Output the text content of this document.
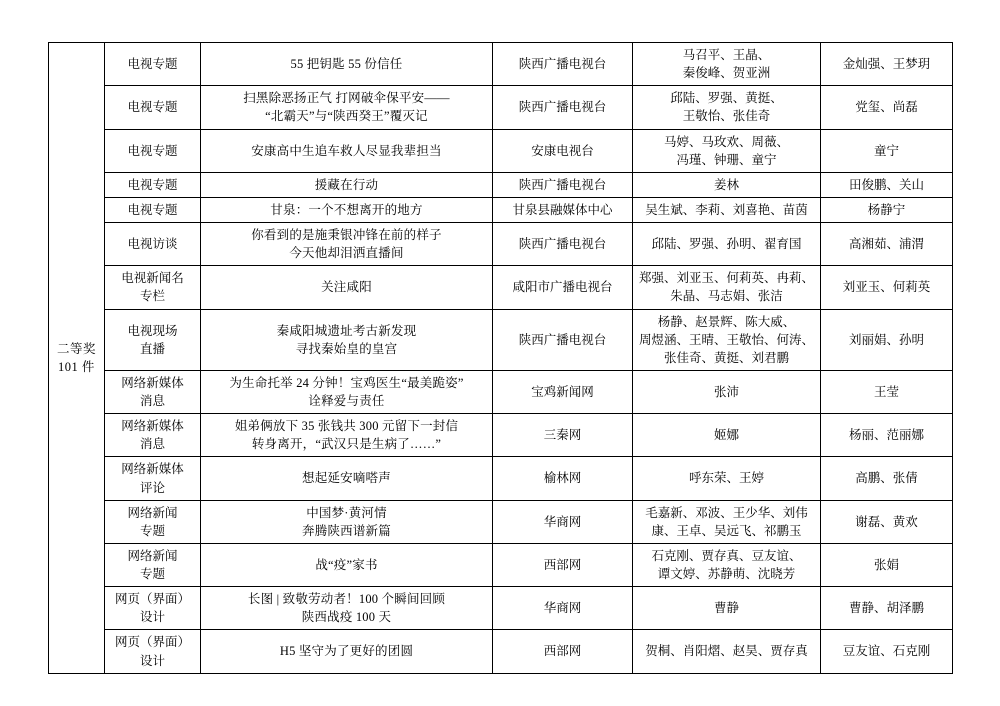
二等奖
101 件	电视专题	55 把钥匙 55 份信任	陕西广播电视台	马召平、王晶、
秦俊峰、贺亚洲	金灿强、王梦玥

	电视专题	扫黑除恶扬正气 打网破伞保平安——
“北霸天”与“陕西癸王”覆灭记	陕西广播电视台	邱陆、罗强、黄挺、
王敬怡、张佳奇	党玺、尚磊

	电视专题	安康高中生追车救人尽显我辈担当	安康电视台	马婷、马玫欢、周薇、
冯瑾、钟珊、童宁	童宁

	电视专题	援藏在行动	陕西广播电视台	姜林	田俊鹏、关山

	电视专题	甘泉：一个不想离开的地方	甘泉县融媒体中心	吴生斌、李莉、刘喜艳、苗茵	杨静宁

	电视访谈	你看到的是施秉银冲锋在前的样子
今天他却泪洒直播间	陕西广播电视台	邱陆、罗强、孙明、翟育国	高湘茹、浦渭

	电视新闻名
专栏	关注咸阳	咸阳市广播电视台	郑强、刘亚玉、何莉英、冉莉、
朱晶、马志娟、张洁	刘亚玉、何莉英

	电视现场
直播	秦咸阳城遗址考古新发现
寻找秦始皇的皇宫	陕西广播电视台	杨静、赵景辉、陈大威、
周煜涵、王晴、王敬怡、何涛、
张佳奇、黄挺、刘君鹏	刘丽娟、孙明

	网络新媒体
消息	为生命托举 24 分钟！宝鸡医生“最美跪姿”
诠释爱与责任	宝鸡新闻网	张沛	王莹

	网络新媒体
消息	姐弟俩放下 35 张钱共 300 元留下一封信
转身离开，“武汉只是生病了……”	三秦网	姬娜	杨丽、范丽娜

	网络新媒体
评论	想起延安嘀嗒声	榆林网	呼东荣、王婷	高鹏、张倩

	网络新闻
专题	中国梦·黄河情
奔腾陕西谱新篇	华商网	毛嘉新、邓波、王少华、刘伟
康、王卓、吴远飞、祁鹏玉	谢磊、黄欢

	网络新闻
专题	战“疫”家书	西部网	石克刚、贾存真、豆友谊、
谭文婷、苏静萌、沈晓芳	张娟

	网页（界面）
设计	长图 | 致敬劳动者！100 个瞬间回顾
陕西战疫 100 天	华商网	曹静	曹静、胡泽鹏

	网页（界面）
设计	H5 坚守为了更好的团圆	西部网	贺桐、肖阳熠、赵昊、贾存真	豆友谊、石克刚
